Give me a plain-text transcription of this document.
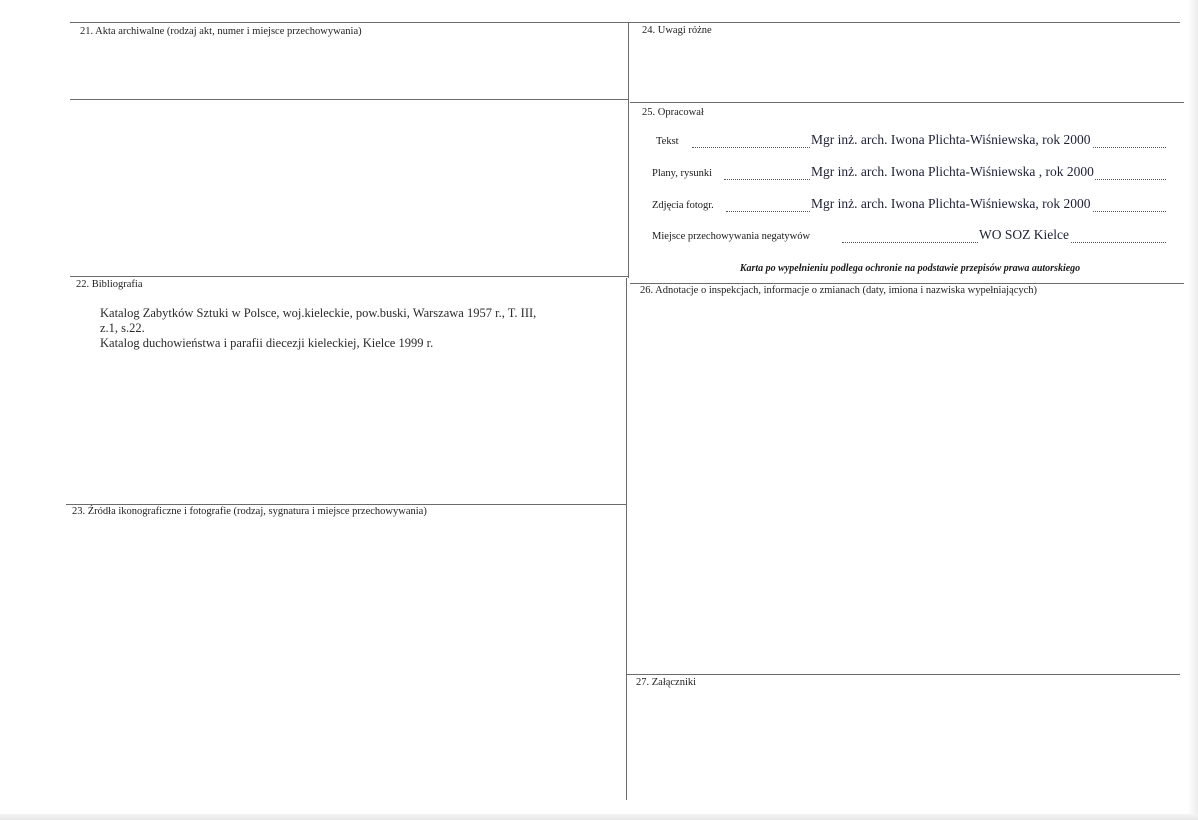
21. Akta archiwalne (rodzaj akt, numer i miejsce przechowywania)	24. Uwagi różne
25. Opracował
22. Bibliografia
26. Adnotacje o inspekcjach, informacje o zmianach (daty, imiona i nazwiska wypełniających)
23. Źródła ikonograficzne i fotografie (rodzaj, sygnatura i miejsce przechowywania)
27. Załączniki
Katalog Zabytków Sztuki w Polsce, woj.kieleckie, pow.buski, Warszawa 1957 r., T. III,
z.1, s.22.
Katalog duchowieństwa i parafii diecezji kieleckiej, Kielce 1999 r.
Tekst	Mgr inż. arch. Iwona Plichta-Wiśniewska, rok 2000
Plany, rysunki	Mgr inż. arch. Iwona Plichta-Wiśniewska , rok 2000
Zdjęcia fotogr.	Mgr inż. arch. Iwona Plichta-Wiśniewska, rok 2000
Miejsce przechowywania negatywów	WO SOZ Kielce
Karta po wypełnieniu podlega ochronie na podstawie przepisów prawa autorskiego
